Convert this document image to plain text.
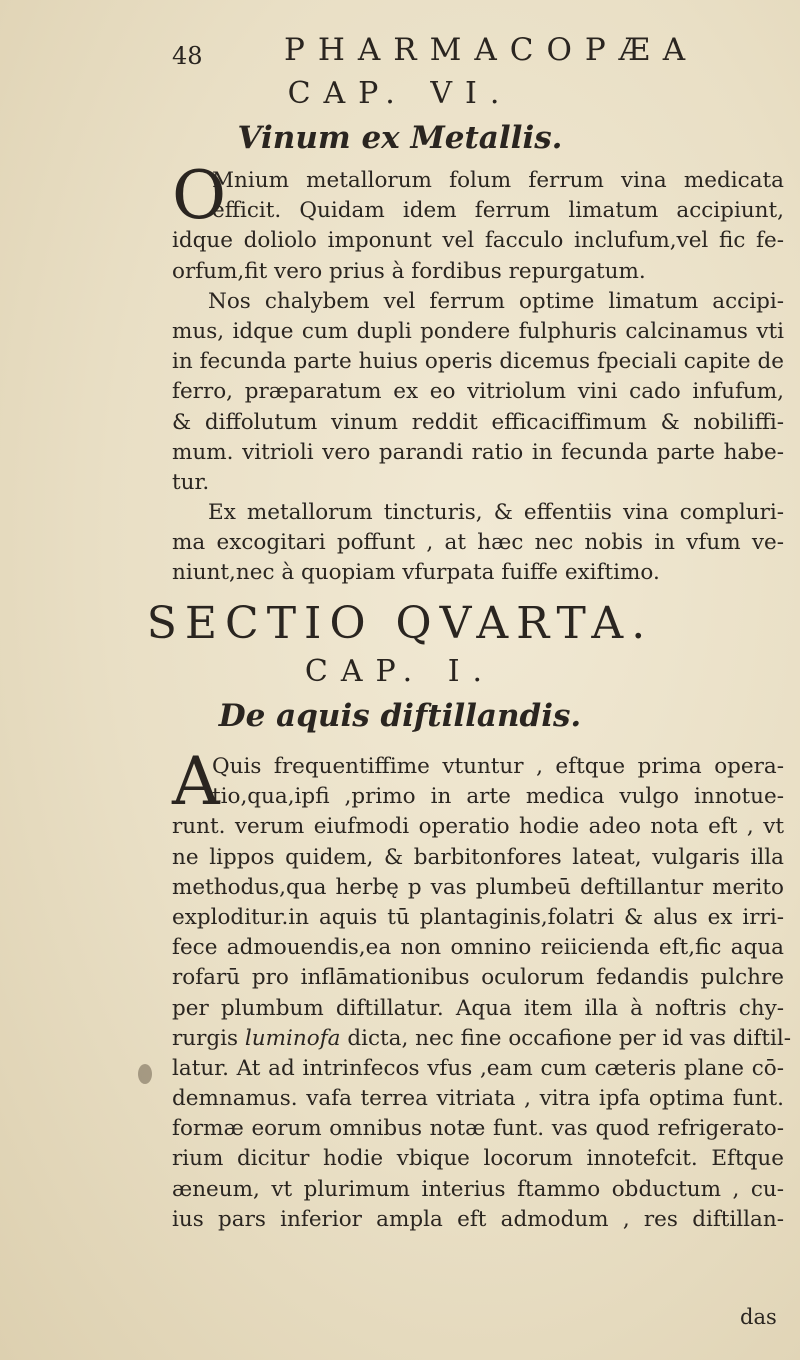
48	PHARMACOPÆA
CAP. VI.
Vinum ex Metallis.
O
Mnium metallorum folum ferrum vina medicata
efficit. Quidam idem ferrum limatum accipiunt,
idque doliolo imponunt vel facculo inclufum,vel fic fe-
orfum,fit vero prius à fordibus repurgatum.
Nos chalybem vel ferrum optime limatum accipi-
mus, idque cum dupli pondere fulphuris calcinamus vti
in fecunda parte huius operis dicemus fpeciali capite de
ferro, præparatum ex eo vitriolum vini cado infufum,
& diffolutum vinum reddit efficaciffimum & nobiliffi-
mum. vitrioli vero parandi ratio in fecunda parte habe-
tur.
Ex metallorum tincturis, & effentiis vina compluri-
ma excogitari poffunt , at hæc nec nobis in vfum ve-
niunt,nec à quopiam vfurpata fuiffe exiftimo.
SECTIO QVARTA.
CAP. I.
De aquis diftillandis.
A
Quis frequentiffime vtuntur , eftque prima opera-
tio,qua,ipfi ,primo in arte medica vulgo innotue-
runt. verum eiufmodi operatio hodie adeo nota eft , vt
ne lippos quidem, & barbitonfores lateat, vulgaris illa
methodus,qua herbę p vas plumbeū deftillantur merito
exploditur.in aquis tū plantaginis,folatri & alus ex irri-
fece admouendis,ea non omnino reiicienda eft,fic aqua
rofarū pro inflāmationibus oculorum fedandis pulchre
per plumbum diftillatur. Aqua item illa à noftris chy-
rurgis luminofa dicta, nec fine occafione per id vas diftil-
latur. At ad intrinfecos vfus ,eam cum cæteris plane cō-
demnamus. vafa terrea vitriata , vitra ipfa optima funt.
formæ eorum omnibus notæ funt. vas quod refrigerato-
rium dicitur hodie vbique locorum innotefcit. Eftque
æneum, vt plurimum interius ftammo obductum , cu-
ius pars inferior ampla eft admodum , res diftillan-
das
